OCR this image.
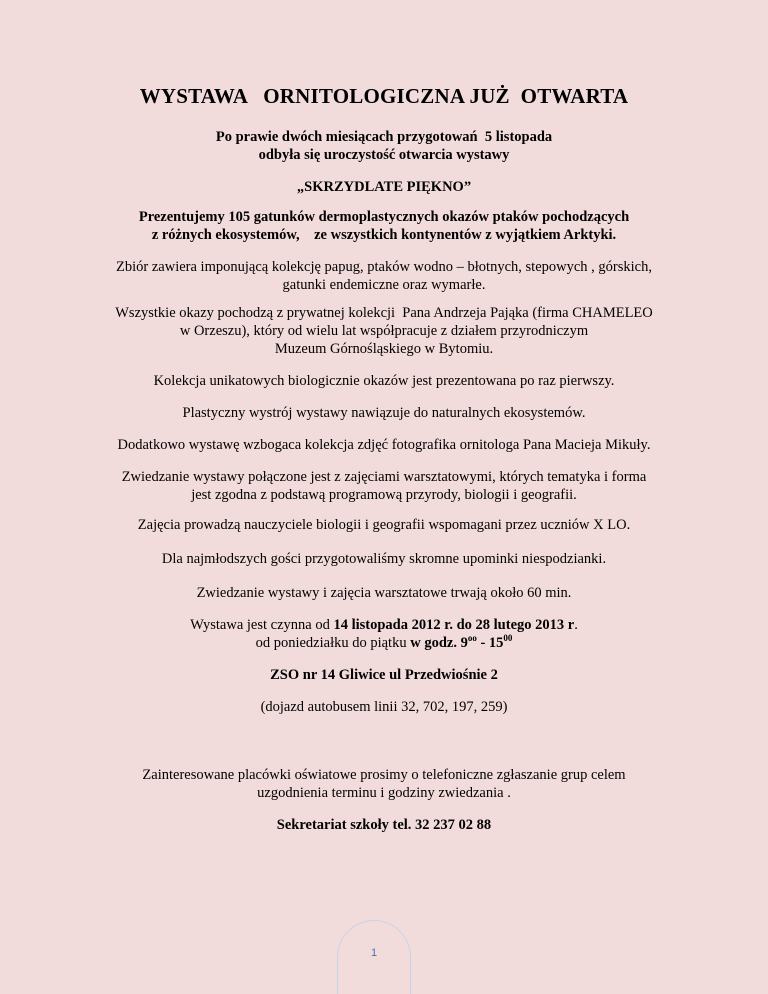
WYSTAWA   ORNITOLOGICZNA JUŻ  OTWARTA
Po prawie dwóch miesiącach przygotowań  5 listopada
odbyła się uroczystość otwarcia wystawy
„SKRZYDLATE PIĘKNO”
Prezentujemy 105 gatunków dermoplastycznych okazów ptaków pochodzących
z różnych ekosystemów,    ze wszystkich kontynentów z wyjątkiem Arktyki.
Zbiór zawiera imponującą kolekcję papug, ptaków wodno – błotnych, stepowych , górskich,
gatunki endemiczne oraz wymarłe.
Wszystkie okazy pochodzą z prywatnej kolekcji  Pana Andrzeja Pająka (firma CHAMELEO
w Orzeszu), który od wielu lat współpracuje z działem przyrodniczym
Muzeum Górnośląskiego w Bytomiu.
Kolekcja unikatowych biologicznie okazów jest prezentowana po raz pierwszy.
Plastyczny wystrój wystawy nawiązuje do naturalnych ekosystemów.
Dodatkowo wystawę wzbogaca kolekcja zdjęć fotografika ornitologa Pana Macieja Mikuły.
Zwiedzanie wystawy połączone jest z zajęciami warsztatowymi, których tematyka i forma
jest zgodna z podstawą programową przyrody, biologii i geografii.
Zajęcia prowadzą nauczyciele biologii i geografii wspomagani przez uczniów X LO.
Dla najmłodszych gości przygotowaliśmy skromne upominki niespodzianki.
Zwiedzanie wystawy i zajęcia warsztatowe trwają około 60 min.
Wystawa jest czynna od 14 listopada 2012 r. do 28 lutego 2013 r.
od poniedziałku do piątku w godz. $9^{oo} - 15^{00}$
ZSO nr 14 Gliwice ul Przedwiośnie 2
(dojazd autobusem linii 32, 702, 197, 259)
Zainteresowane placówki oświatowe prosimy o telefoniczne zgłaszanie grup celem
uzgodnienia terminu i godziny zwiedzania .
Sekretariat szkoły tel. 32 237 02 88
1
